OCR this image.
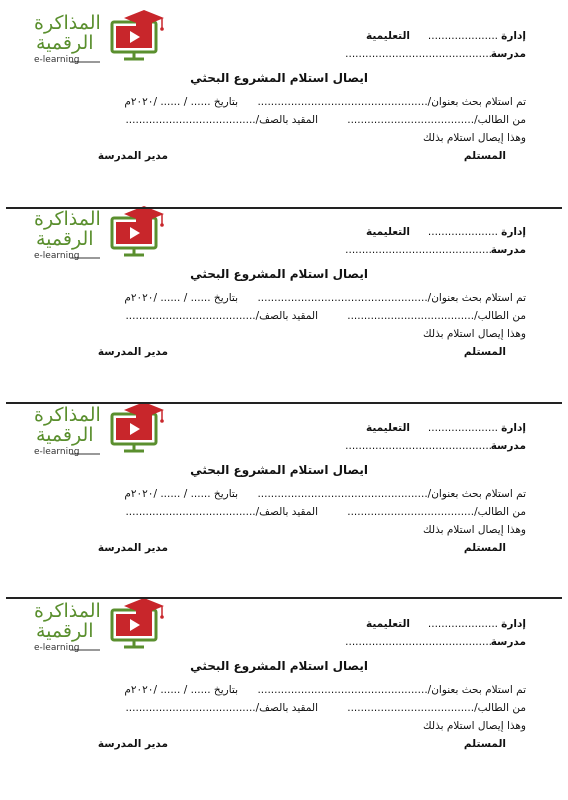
المذاكرة
الرقمية
e-learning
إدارة
.....................
التعليمية
مدرسة
............................................
ايصال استلام المشروع البحثي
تم استلام بحث بعنوان/...................................................
بتاريخ ...... / ...... /٢٠٢٠م
من الطالب/......................................
المقيد بالصف/.......................................
وهذا إيصال استلام بذلك
المستلم
مدير المدرسة
المذاكرة
الرقمية
e-learning
إدارة
.....................
التعليمية
مدرسة
............................................
ايصال استلام المشروع البحثي
تم استلام بحث بعنوان/...................................................
بتاريخ ...... / ...... /٢٠٢٠م
من الطالب/......................................
المقيد بالصف/.......................................
وهذا إيصال استلام بذلك
المستلم
مدير المدرسة
المذاكرة
الرقمية
e-learning
إدارة
.....................
التعليمية
مدرسة
............................................
ايصال استلام المشروع البحثي
تم استلام بحث بعنوان/...................................................
بتاريخ ...... / ...... /٢٠٢٠م
من الطالب/......................................
المقيد بالصف/.......................................
وهذا إيصال استلام بذلك
المستلم
مدير المدرسة
المذاكرة
الرقمية
e-learning
إدارة
.....................
التعليمية
مدرسة
............................................
ايصال استلام المشروع البحثي
تم استلام بحث بعنوان/...................................................
بتاريخ ...... / ...... /٢٠٢٠م
من الطالب/......................................
المقيد بالصف/.......................................
وهذا إيصال استلام بذلك
المستلم
مدير المدرسة
